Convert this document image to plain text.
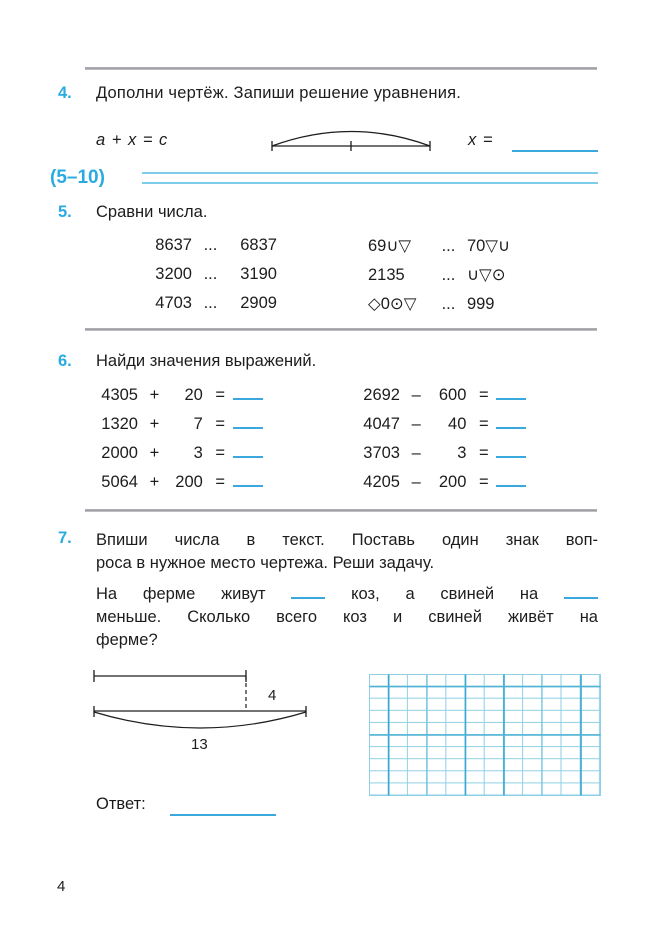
4. Дополни чертёж. Запиши решение уравнения.
a + x = c	x =
(5–10)
5. Сравни числа.
8637 ... 6837
3200 ... 3190
4703 ... 2909
69∪▽ ... 70▽∪
2135 ... ∪▽⊙
◇0⊙▽ ... 999
6. Найди значения выражений.
4305 + 20 =
1320 + 7 =
2000 + 3 =
5064 + 200 =
2692 – 600 =
4047 – 40 =
3703 – 3 =
4205 – 200 =
7. Впиши числа в текст. Поставь один знак воп-
роса в нужное место чертежа. Реши задачу.
На ферме живут	коз, а свиней на
меньше. Сколько всего коз и свиней живёт на
ферме?
4
13
Ответ:
4
